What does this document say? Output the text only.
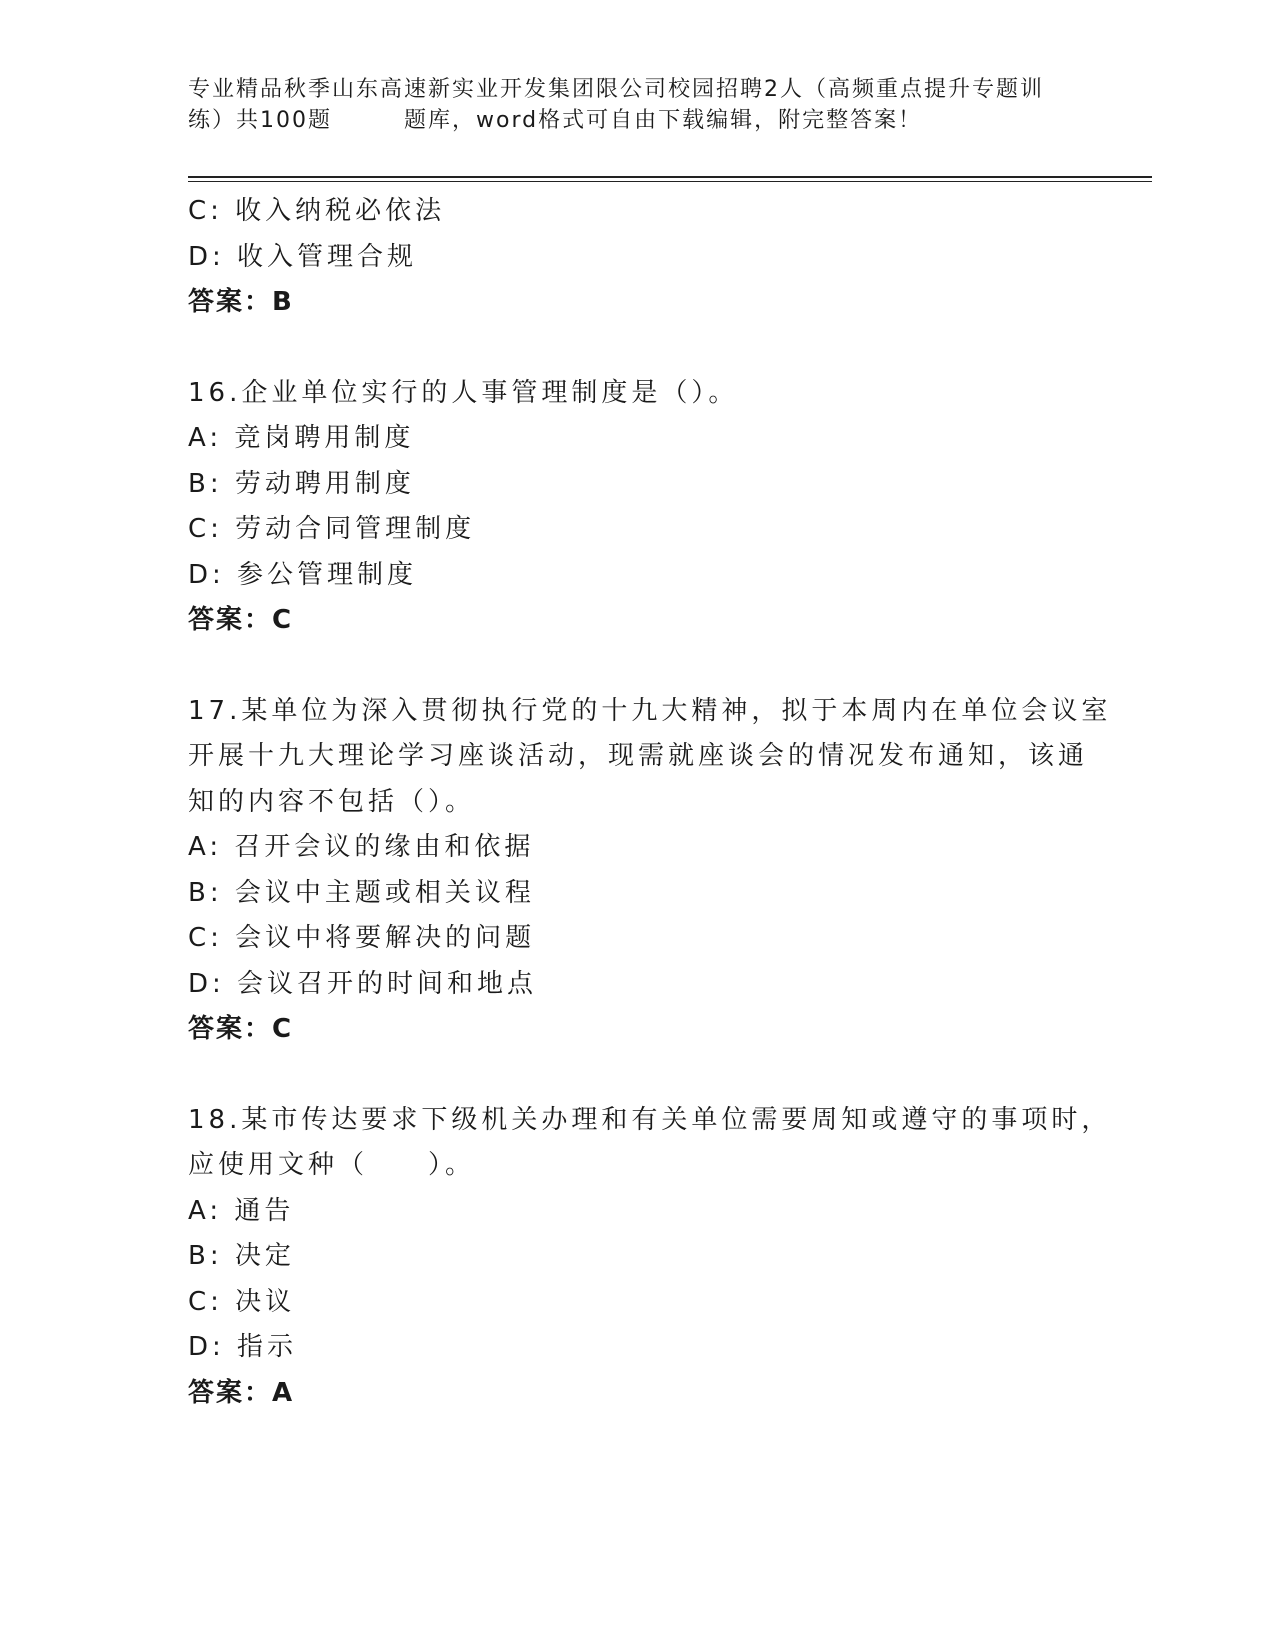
专业精品秋季山东高速新实业开发集团限公司校园招聘2人（高频重点提升专题训
练）共100题　　　题库，word格式可自由下载编辑，附完整答案！
C: 收入纳税必依法
D: 收入管理合规
答案：B
16.企业单位实行的人事管理制度是（）。
A: 竞岗聘用制度
B: 劳动聘用制度
C: 劳动合同管理制度
D: 参公管理制度
答案：C
17.某单位为深入贯彻执行党的十九大精神，拟于本周内在单位会议室
开展十九大理论学习座谈活动，现需就座谈会的情况发布通知，该通
知的内容不包括（）。
A: 召开会议的缘由和依据
B: 会议中主题或相关议程
C: 会议中将要解决的问题
D: 会议召开的时间和地点
答案：C
18.某市传达要求下级机关办理和有关单位需要周知或遵守的事项时，
应使用文种（　　）。
A: 通告
B: 决定
C: 决议
D: 指示
答案：A
